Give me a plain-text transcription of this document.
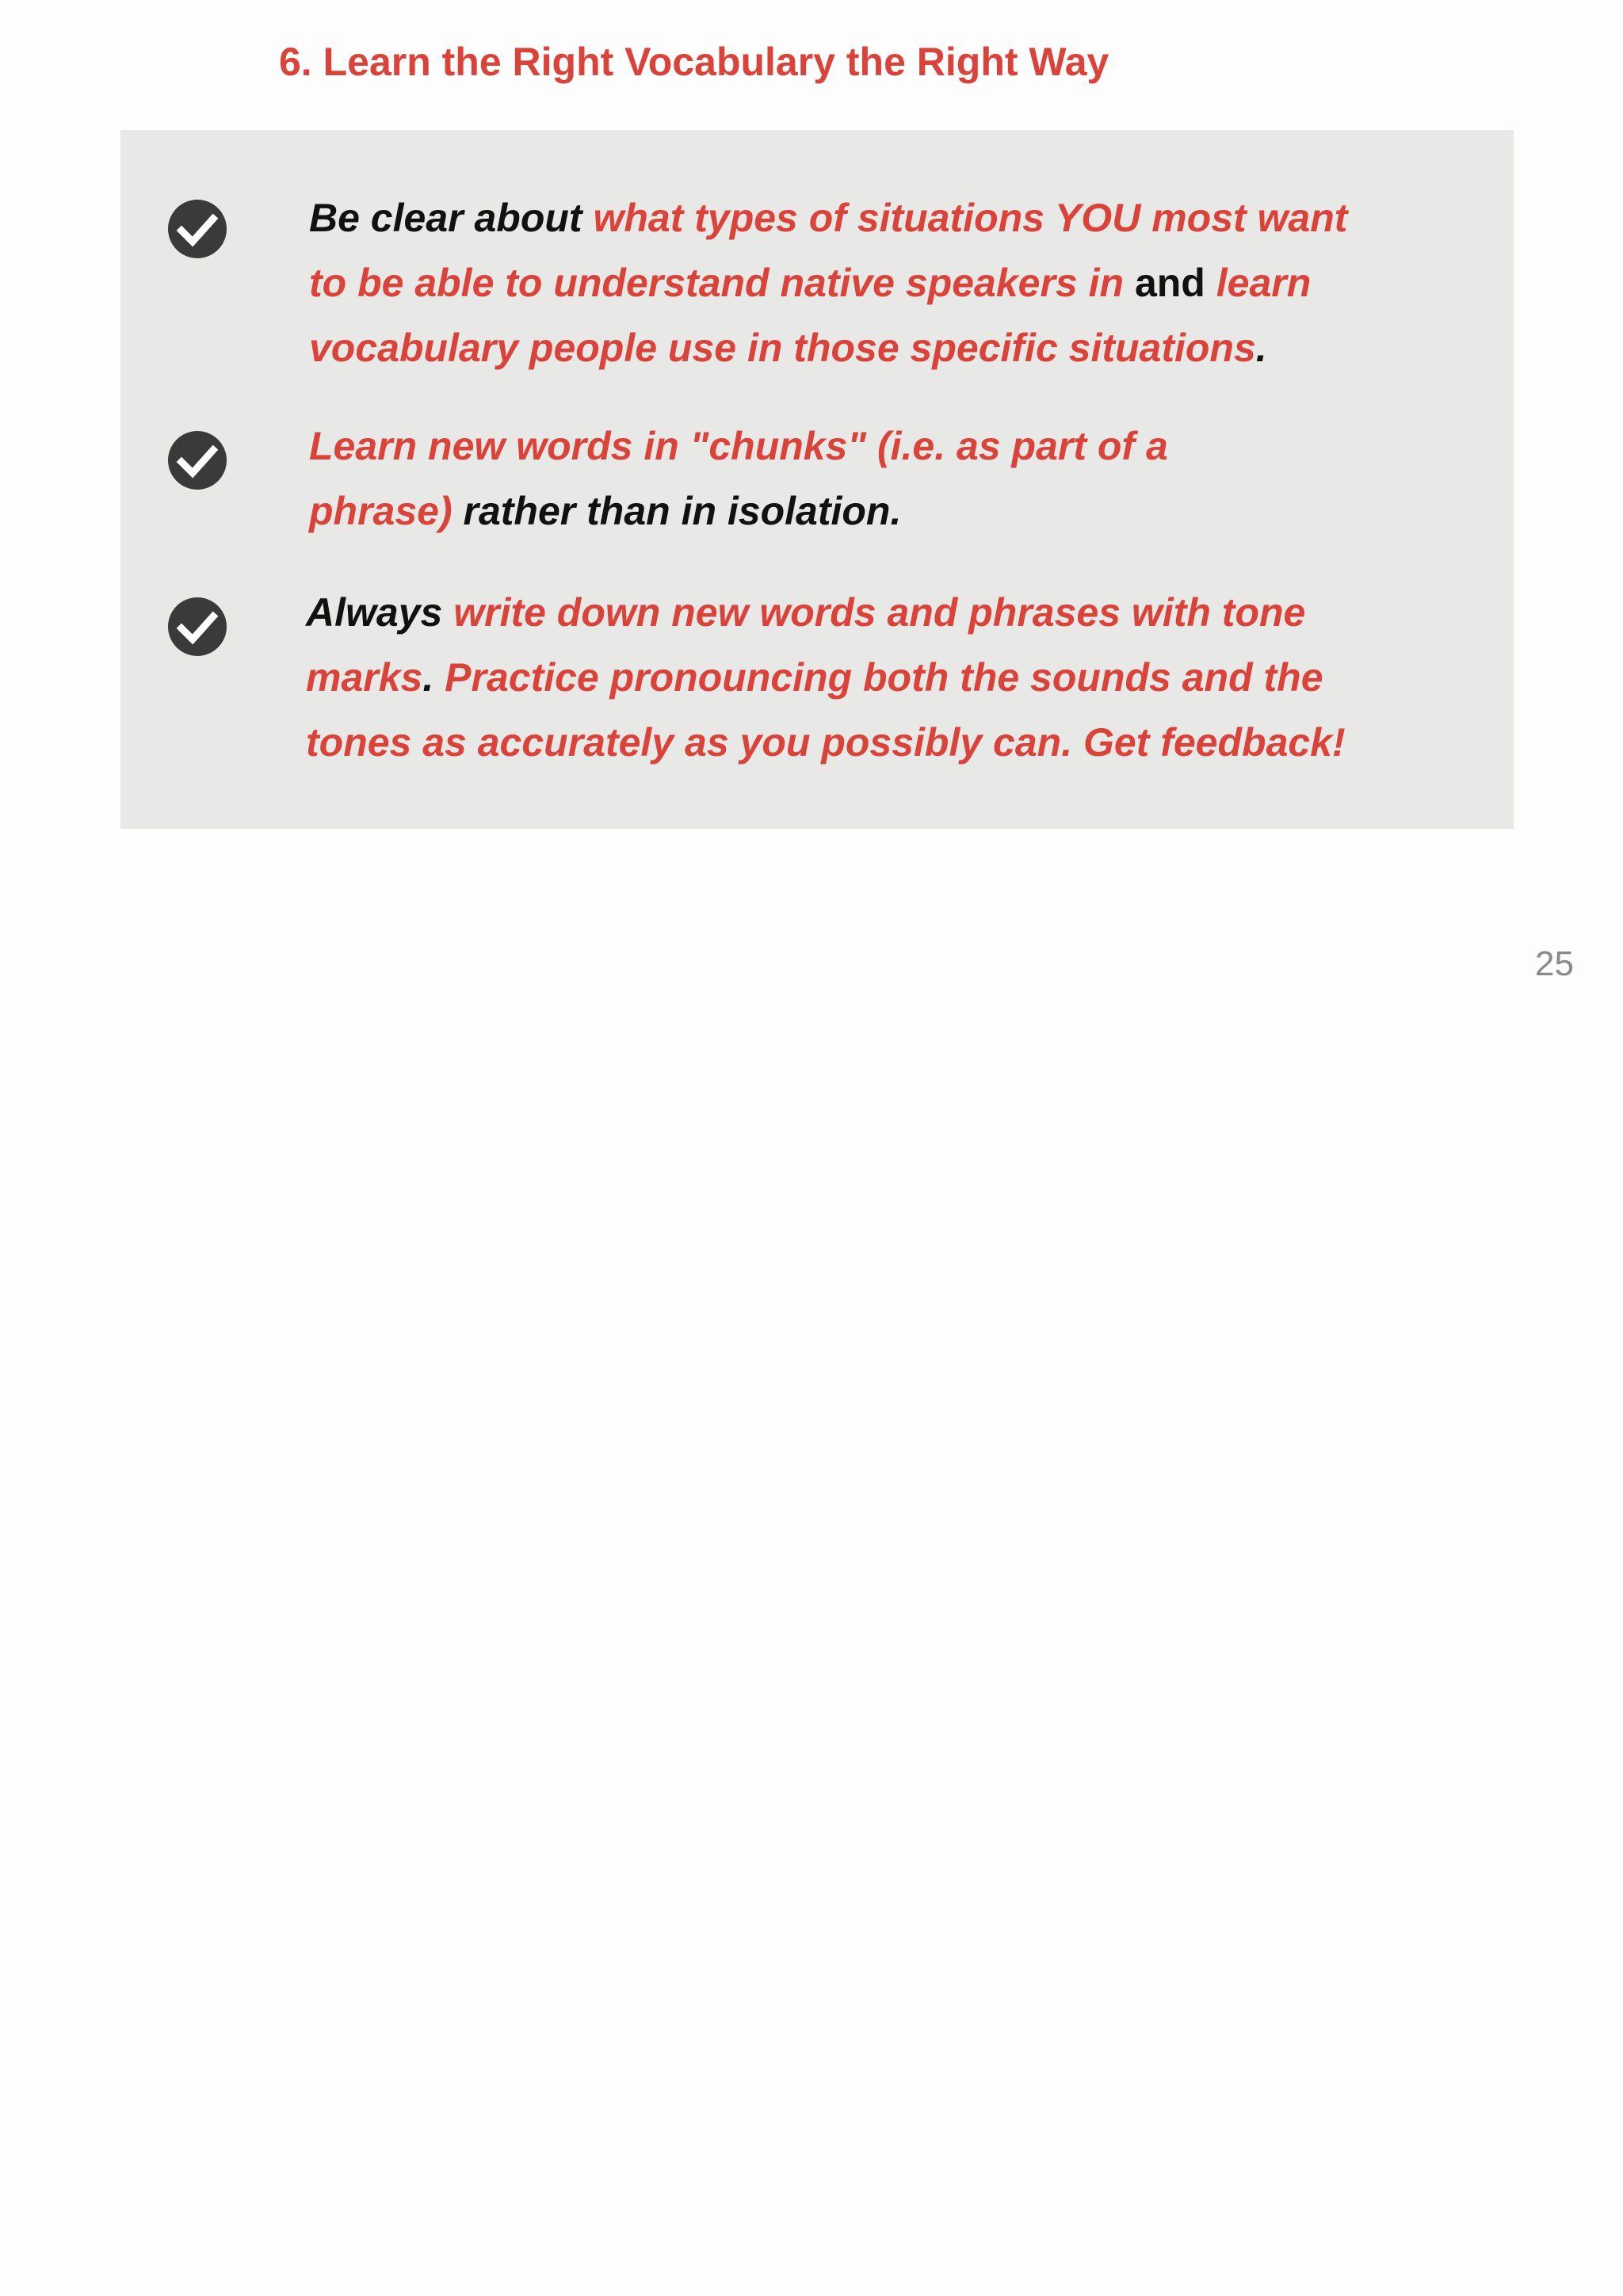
6. Learn the Right Vocabulary the Right Way
Be clear about what types of situations YOU most want
to be able to understand native speakers in and learn
vocabulary people use in those specific situations.
Learn new words in "chunks" (i.e. as part of a
phrase) rather than in isolation.
Always write down new words and phrases with tone
marks. Practice pronouncing both the sounds and the
tones as accurately as you possibly can. Get feedback!
25
